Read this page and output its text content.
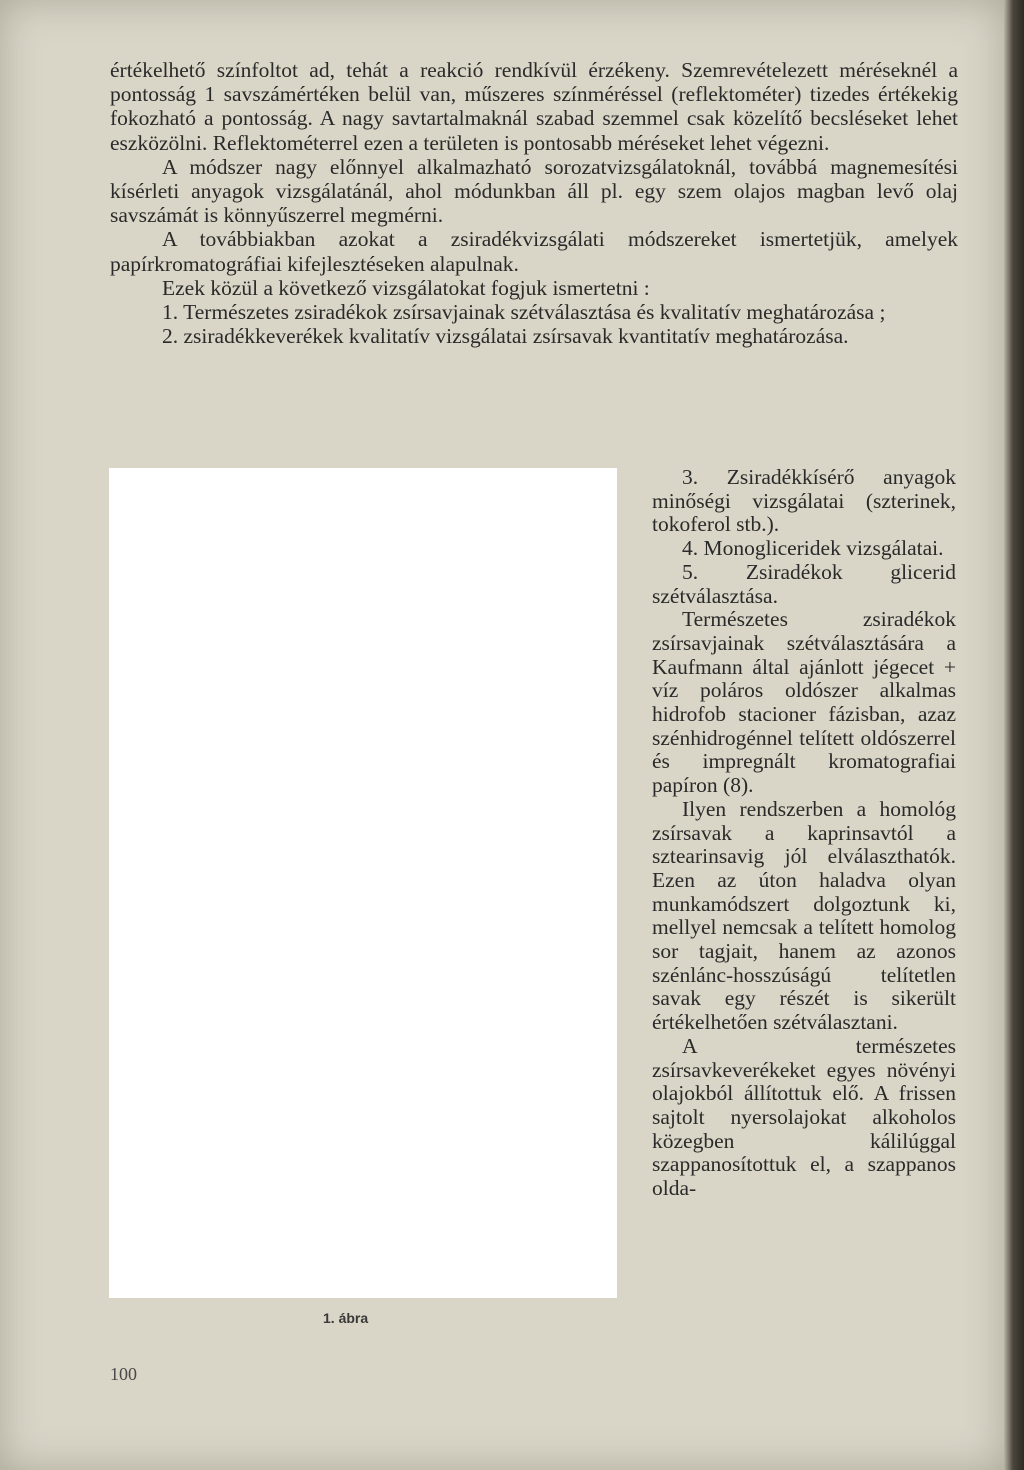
értékelhető színfoltot ad, tehát a reakció rendkívül érzékeny. Szemrevételezett méréseknél a pontosság 1 savszámértéken belül van, műszeres színméréssel (reflektométer) tizedes értékekig fokozható a pontosság. A nagy savtartalmaknál szabad szemmel csak közelítő becsléseket lehet eszközölni. Reflektométerrel ezen a területen is pontosabb méréseket lehet végezni.

A módszer nagy előnnyel alkalmazható sorozatvizsgálatoknál, továbbá magnemesítési kísérleti anyagok vizsgálatánál, ahol módunkban áll pl. egy szem olajos magban levő olaj savszámát is könnyűszerrel megmérni.

A továbbiakban azokat a zsiradékvizsgálati módszereket ismertetjük, amelyek papírkromatográfiai kifejlesztéseken alapulnak.

Ezek közül a következő vizsgálatokat fogjuk ismertetni :

1. Természetes zsiradékok zsírsavjainak szétválasztása és kvalitatív meghatározása ;

2. zsiradékkeverékek kvalitatív vizsgálatai zsírsavak kvantitatív meghatározása.

1. ábra

3. Zsiradékkísérő anyagok minőségi vizsgálatai (szterinek, tokoferol stb.).

4. Monogliceridek vizsgálatai.

5. Zsiradékok glicerid szétválasztása.

Természetes zsiradékok zsírsavjainak szétválasztására a Kaufmann által ajánlott jégecet + víz poláros oldószer alkalmas hidrofob stacioner fázisban, azaz szénhidrogénnel telített oldószerrel és impregnált kromatografiai papíron (8).

Ilyen rendszerben a homológ zsírsavak a kaprinsavtól a sztearinsavig jól elválaszthatók. Ezen az úton haladva olyan munkamódszert dolgoztunk ki, mellyel nemcsak a telített homolog sor tagjait, hanem az azonos szénlánc-hosszúságú telítetlen savak egy részét is sikerült értékelhetően szétválasztani.

A természetes zsírsavkeverékeket egyes növényi olajokból állítottuk elő. A frissen sajtolt nyersolajokat alkoholos közegben kálilúggal szappanosítottuk el, a szappanos olda-

100
